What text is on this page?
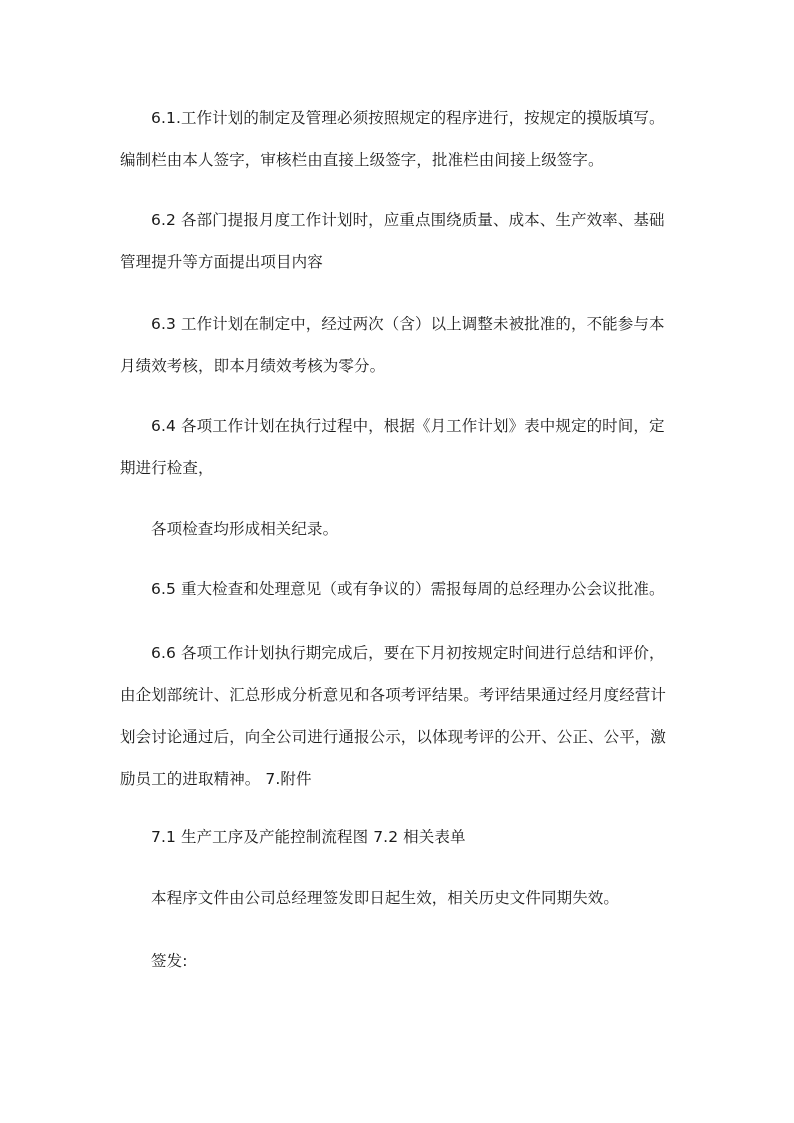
6.1.工作计划的制定及管理必须按照规定的程序进行，按规定的摸版填写。
编制栏由本人签字，审核栏由直接上级签字，批准栏由间接上级签字。

6.2 各部门提报月度工作计划时，应重点围绕质量、成本、生产效率、基础
管理提升等方面提出项目内容

6.3 工作计划在制定中，经过两次（含）以上调整未被批准的，不能参与本
月绩效考核，即本月绩效考核为零分。

6.4 各项工作计划在执行过程中，根据《月工作计划》表中规定的时间，定
期进行检查，

各项检查均形成相关纪录。

6.5 重大检查和处理意见（或有争议的）需报每周的总经理办公会议批准。

6.6 各项工作计划执行期完成后，要在下月初按规定时间进行总结和评价，
由企划部统计、汇总形成分析意见和各项考评结果。考评结果通过经月度经营计
划会讨论通过后，向全公司进行通报公示，以体现考评的公开、公正、公平，激
励员工的进取精神。 7.附件

7.1 生产工序及产能控制流程图 7.2 相关表单

本程序文件由公司总经理签发即日起生效，相关历史文件同期失效。

签发:
